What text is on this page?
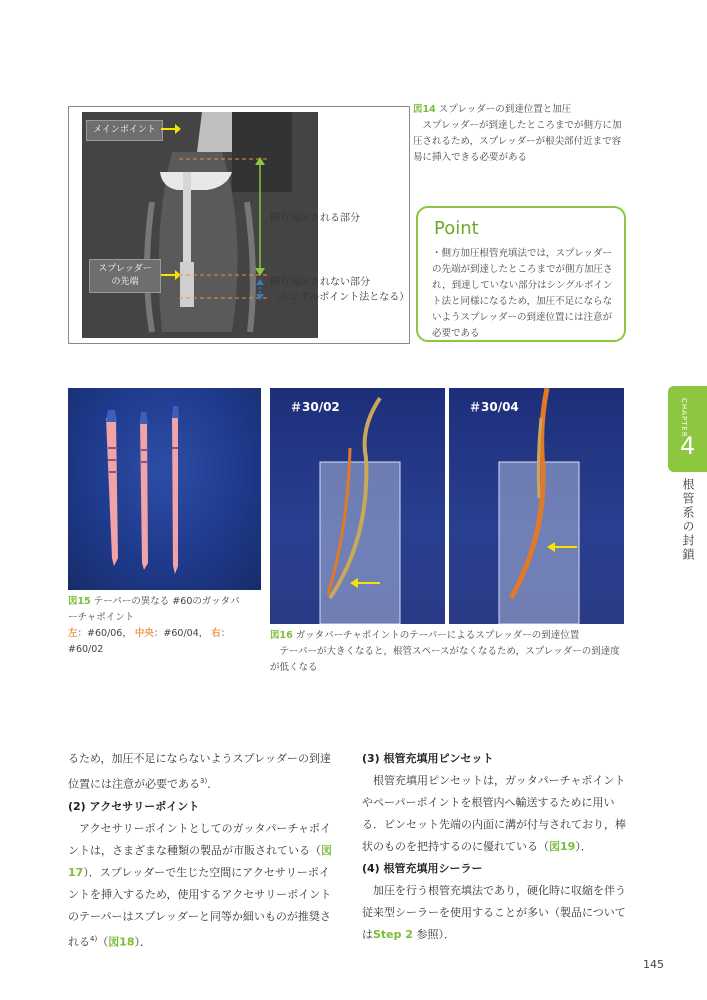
メインポイント
スプレッダー
の先端
側方加圧される部分
側方加圧されない部分
（シングルポイント法となる）
図14 スプレッダーの到達位置と加圧
　スプレッダーが到達したところまでが側方に加圧されるため，スプレッダーが根尖部付近まで容易に挿入できる必要がある
Point
・側方加圧根管充填法では，スプレッダーの先端が到達したところまでが側方加圧され，到達していない部分はシングルポイント法と同様になるため，加圧不足にならないようスプレッダーの到達位置には注意が必要である
図15 テーパーの異なる #60のガッタパーチャポイント
左：#60/06， 中央：#60/04， 右：
#60/02
＃30/02	＃30/04
図16 ガッタパーチャポイントのテーパーによるスプレッダーの到達位置
　テーパーが大きくなると，根管スペースがなくなるため，スプレッダーの到達度が低くなる
CHAPTER
4
根管系の封鎖

るため，加圧不足にならないようスプレッダーの到達位置には注意が必要である$^{3)}$．

(2) アクセサリーポイント

　アクセサリーポイントとしてのガッタパーチャポイントは，さまざまな種類の製品が市販されている（図17）．スプレッダーで生じた空間にアクセサリーポイントを挿入するため，使用するアクセサリーポイントのテーパーはスプレッダーと同等か細いものが推奨される$^{4)}$（図18）．

(3) 根管充填用ピンセット

　根管充填用ピンセットは，ガッタパーチャポイントやペーパーポイントを根管内へ輸送するために用いる．ピンセット先端の内面に溝が付与されており，棒状のものを把持するのに優れている（図19）．

(4) 根管充填用シーラー

　加圧を行う根管充填法であり，硬化時に収縮を伴う従来型シーラーを使用することが多い（製品についてはStep 2 参照）．

145
